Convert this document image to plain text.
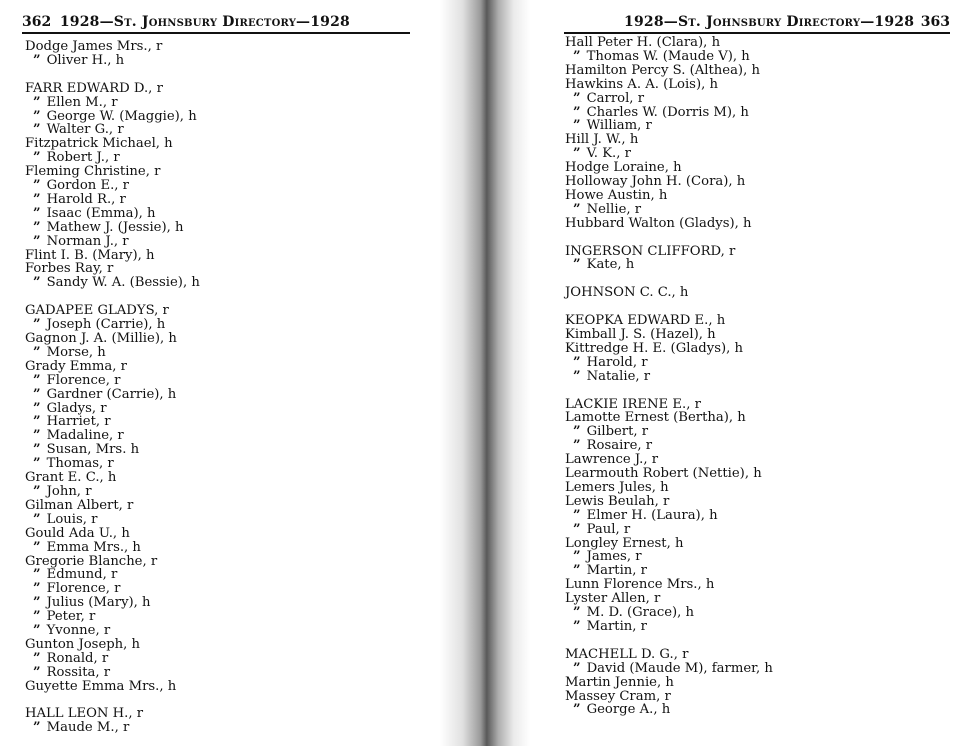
362 1928—St. Johnsbury Directory—1928
Dodge James Mrs., r
” Oliver H., h
FARR EDWARD D., r
” Ellen M., r
” George W. (Maggie), h
” Walter G., r
Fitzpatrick Michael, h
” Robert J., r
Fleming Christine, r
” Gordon E., r
” Harold R., r
” Isaac (Emma), h
” Mathew J. (Jessie), h
” Norman J., r
Flint I. B. (Mary), h
Forbes Ray, r
” Sandy W. A. (Bessie), h
GADAPEE GLADYS, r
” Joseph (Carrie), h
Gagnon J. A. (Millie), h
” Morse, h
Grady Emma, r
” Florence, r
” Gardner (Carrie), h
” Gladys, r
” Harriet, r
” Madaline, r
” Susan, Mrs. h
” Thomas, r
Grant E. C., h
” John, r
Gilman Albert, r
” Louis, r
Gould Ada U., h
” Emma Mrs., h
Gregorie Blanche, r
” Edmund, r
” Florence, r
” Julius (Mary), h
” Peter, r
” Yvonne, r
Gunton Joseph, h
” Ronald, r
” Rossita, r
Guyette Emma Mrs., h
HALL LEON H., r
” Maude M., r
1928—St. Johnsbury Directory—1928 363
Hall Peter H. (Clara), h
” Thomas W. (Maude V), h
Hamilton Percy S. (Althea), h
Hawkins A. A. (Lois), h
” Carrol, r
” Charles W. (Dorris M), h
” William, r
Hill J. W., h
” V. K., r
Hodge Loraine, h
Holloway John H. (Cora), h
Howe Austin, h
” Nellie, r
Hubbard Walton (Gladys), h
INGERSON CLIFFORD, r
” Kate, h
JOHNSON C. C., h
KEOPKA EDWARD E., h
Kimball J. S. (Hazel), h
Kittredge H. E. (Gladys), h
” Harold, r
” Natalie, r
LACKIE IRENE E., r
Lamotte Ernest (Bertha), h
” Gilbert, r
” Rosaire, r
Lawrence J., r
Learmouth Robert (Nettie), h
Lemers Jules, h
Lewis Beulah, r
” Elmer H. (Laura), h
” Paul, r
Longley Ernest, h
” James, r
” Martin, r
Lunn Florence Mrs., h
Lyster Allen, r
” M. D. (Grace), h
” Martin, r
MACHELL D. G., r
” David (Maude M), farmer, h
Martin Jennie, h
Massey Cram, r
” George A., h
